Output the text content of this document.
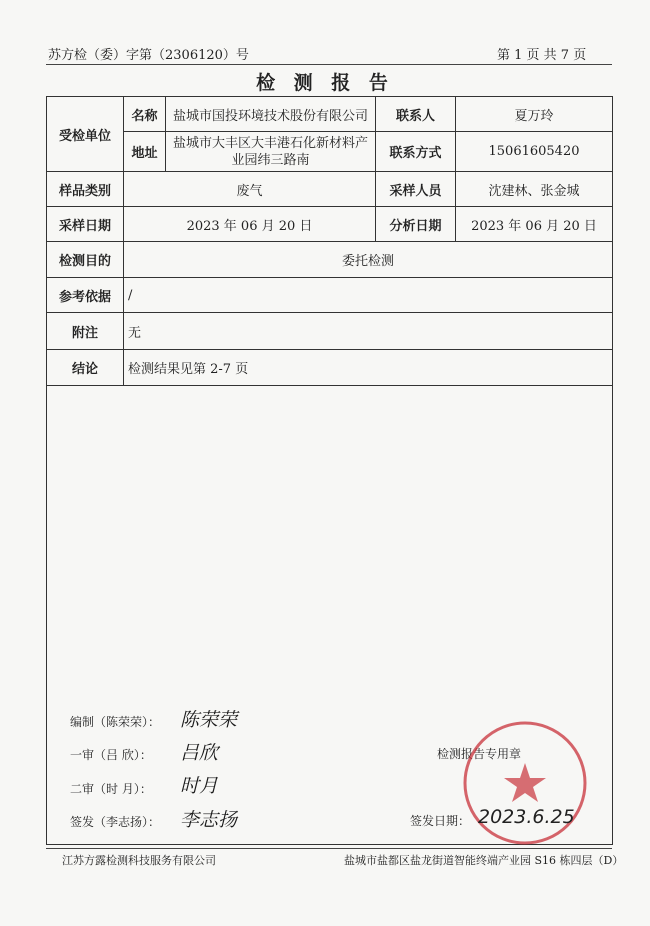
苏方检（委）字第（2306120）号	第 1 页 共 7 页
检 测 报 告
受检单位	名称	盐城市国投环境技术股份有限公司	联系人	夏万玲
	地址	盐城市大丰区大丰港石化新材料产业园纬三路南	联系方式	15061605420
样品类别	废气		采样人员	沈建林、张金城
采样日期	2023 年 06 月 20 日		分析日期	2023 年 06 月 20 日
检测目的	委托检测			
参考依据	/			
附注	无			
结论	检测结果见第 2-7 页			

编制（陈荣荣）： 陈荣荣
一审（吕 欣）： 吕欣
二审（时 月）： 时月
签发（李志扬）： 李志扬
检测报告专用章
签发日期： 2023.6.25
江苏方露检测科技服务有限公司	盐城市盐都区盐龙街道智能终端产业园 S16 栋四层（D）
